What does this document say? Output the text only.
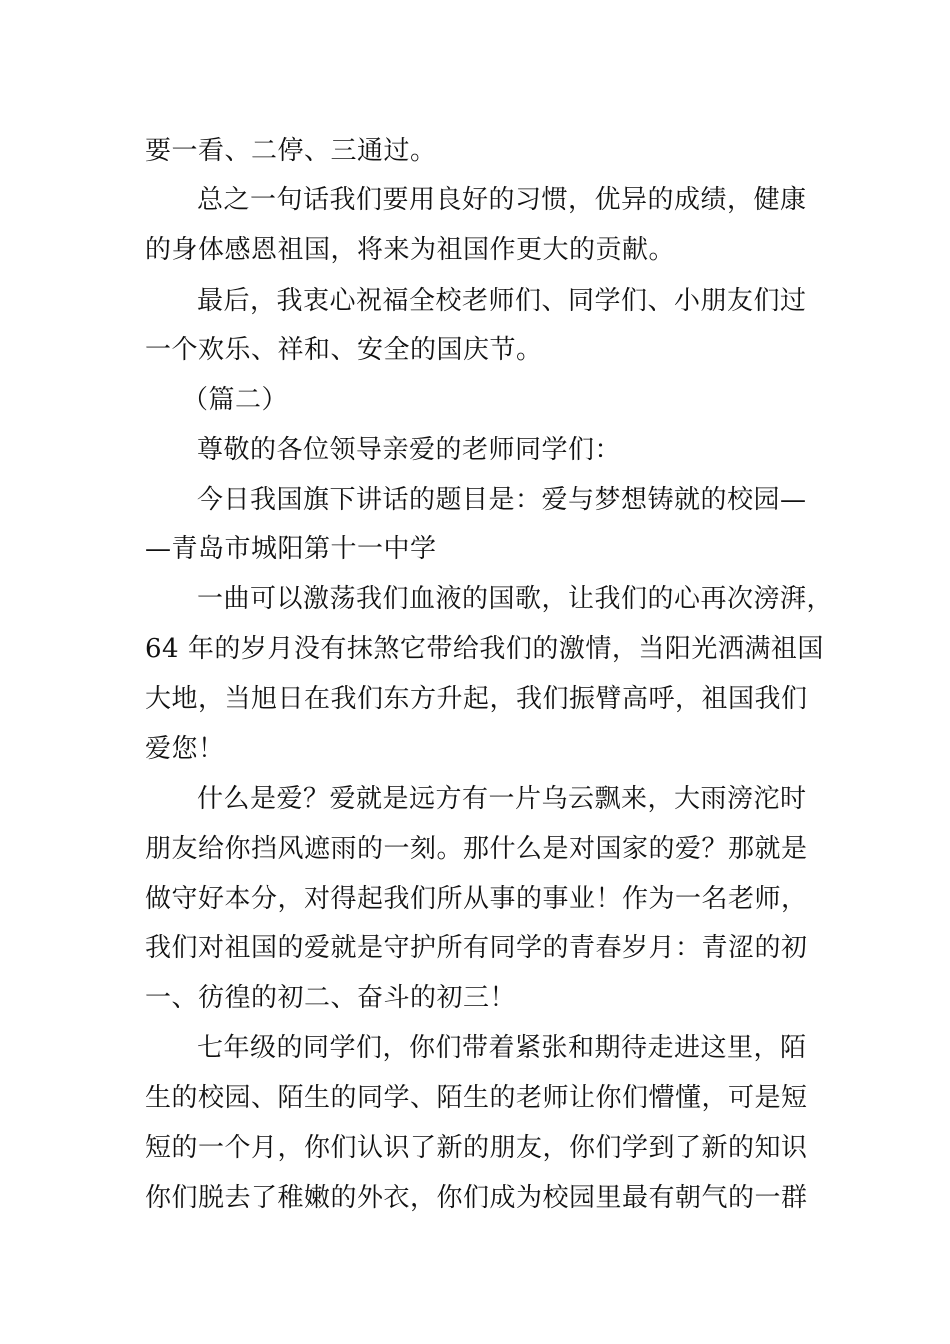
要一看、二停、三通过。
总之一句话我们要用良好的习惯，优异的成绩，健康
的身体感恩祖国，将来为祖国作更大的贡献。
最后，我衷心祝福全校老师们、同学们、小朋友们过
一个欢乐、祥和、安全的国庆节。
（篇二）
尊敬的各位领导亲爱的老师同学们：
今日我国旗下讲话的题目是：爱与梦想铸就的校园—
—青岛市城阳第十一中学
一曲可以激荡我们血液的国歌，让我们的心再次滂湃，
64 年的岁月没有抹煞它带给我们的激情，当阳光洒满祖国
大地，当旭日在我们东方升起，我们振臂高呼，祖国我们
爱您！
什么是爱？爱就是远方有一片乌云飘来，大雨滂沱时
朋友给你挡风遮雨的一刻。那什么是对国家的爱？那就是
做守好本分，对得起我们所从事的事业！作为一名老师，
我们对祖国的爱就是守护所有同学的青春岁月：青涩的初
一、彷徨的初二、奋斗的初三！
七年级的同学们，你们带着紧张和期待走进这里，陌
生的校园、陌生的同学、陌生的老师让你们懵懂，可是短
短的一个月，你们认识了新的朋友，你们学到了新的知识
你们脱去了稚嫩的外衣，你们成为校园里最有朝气的一群
